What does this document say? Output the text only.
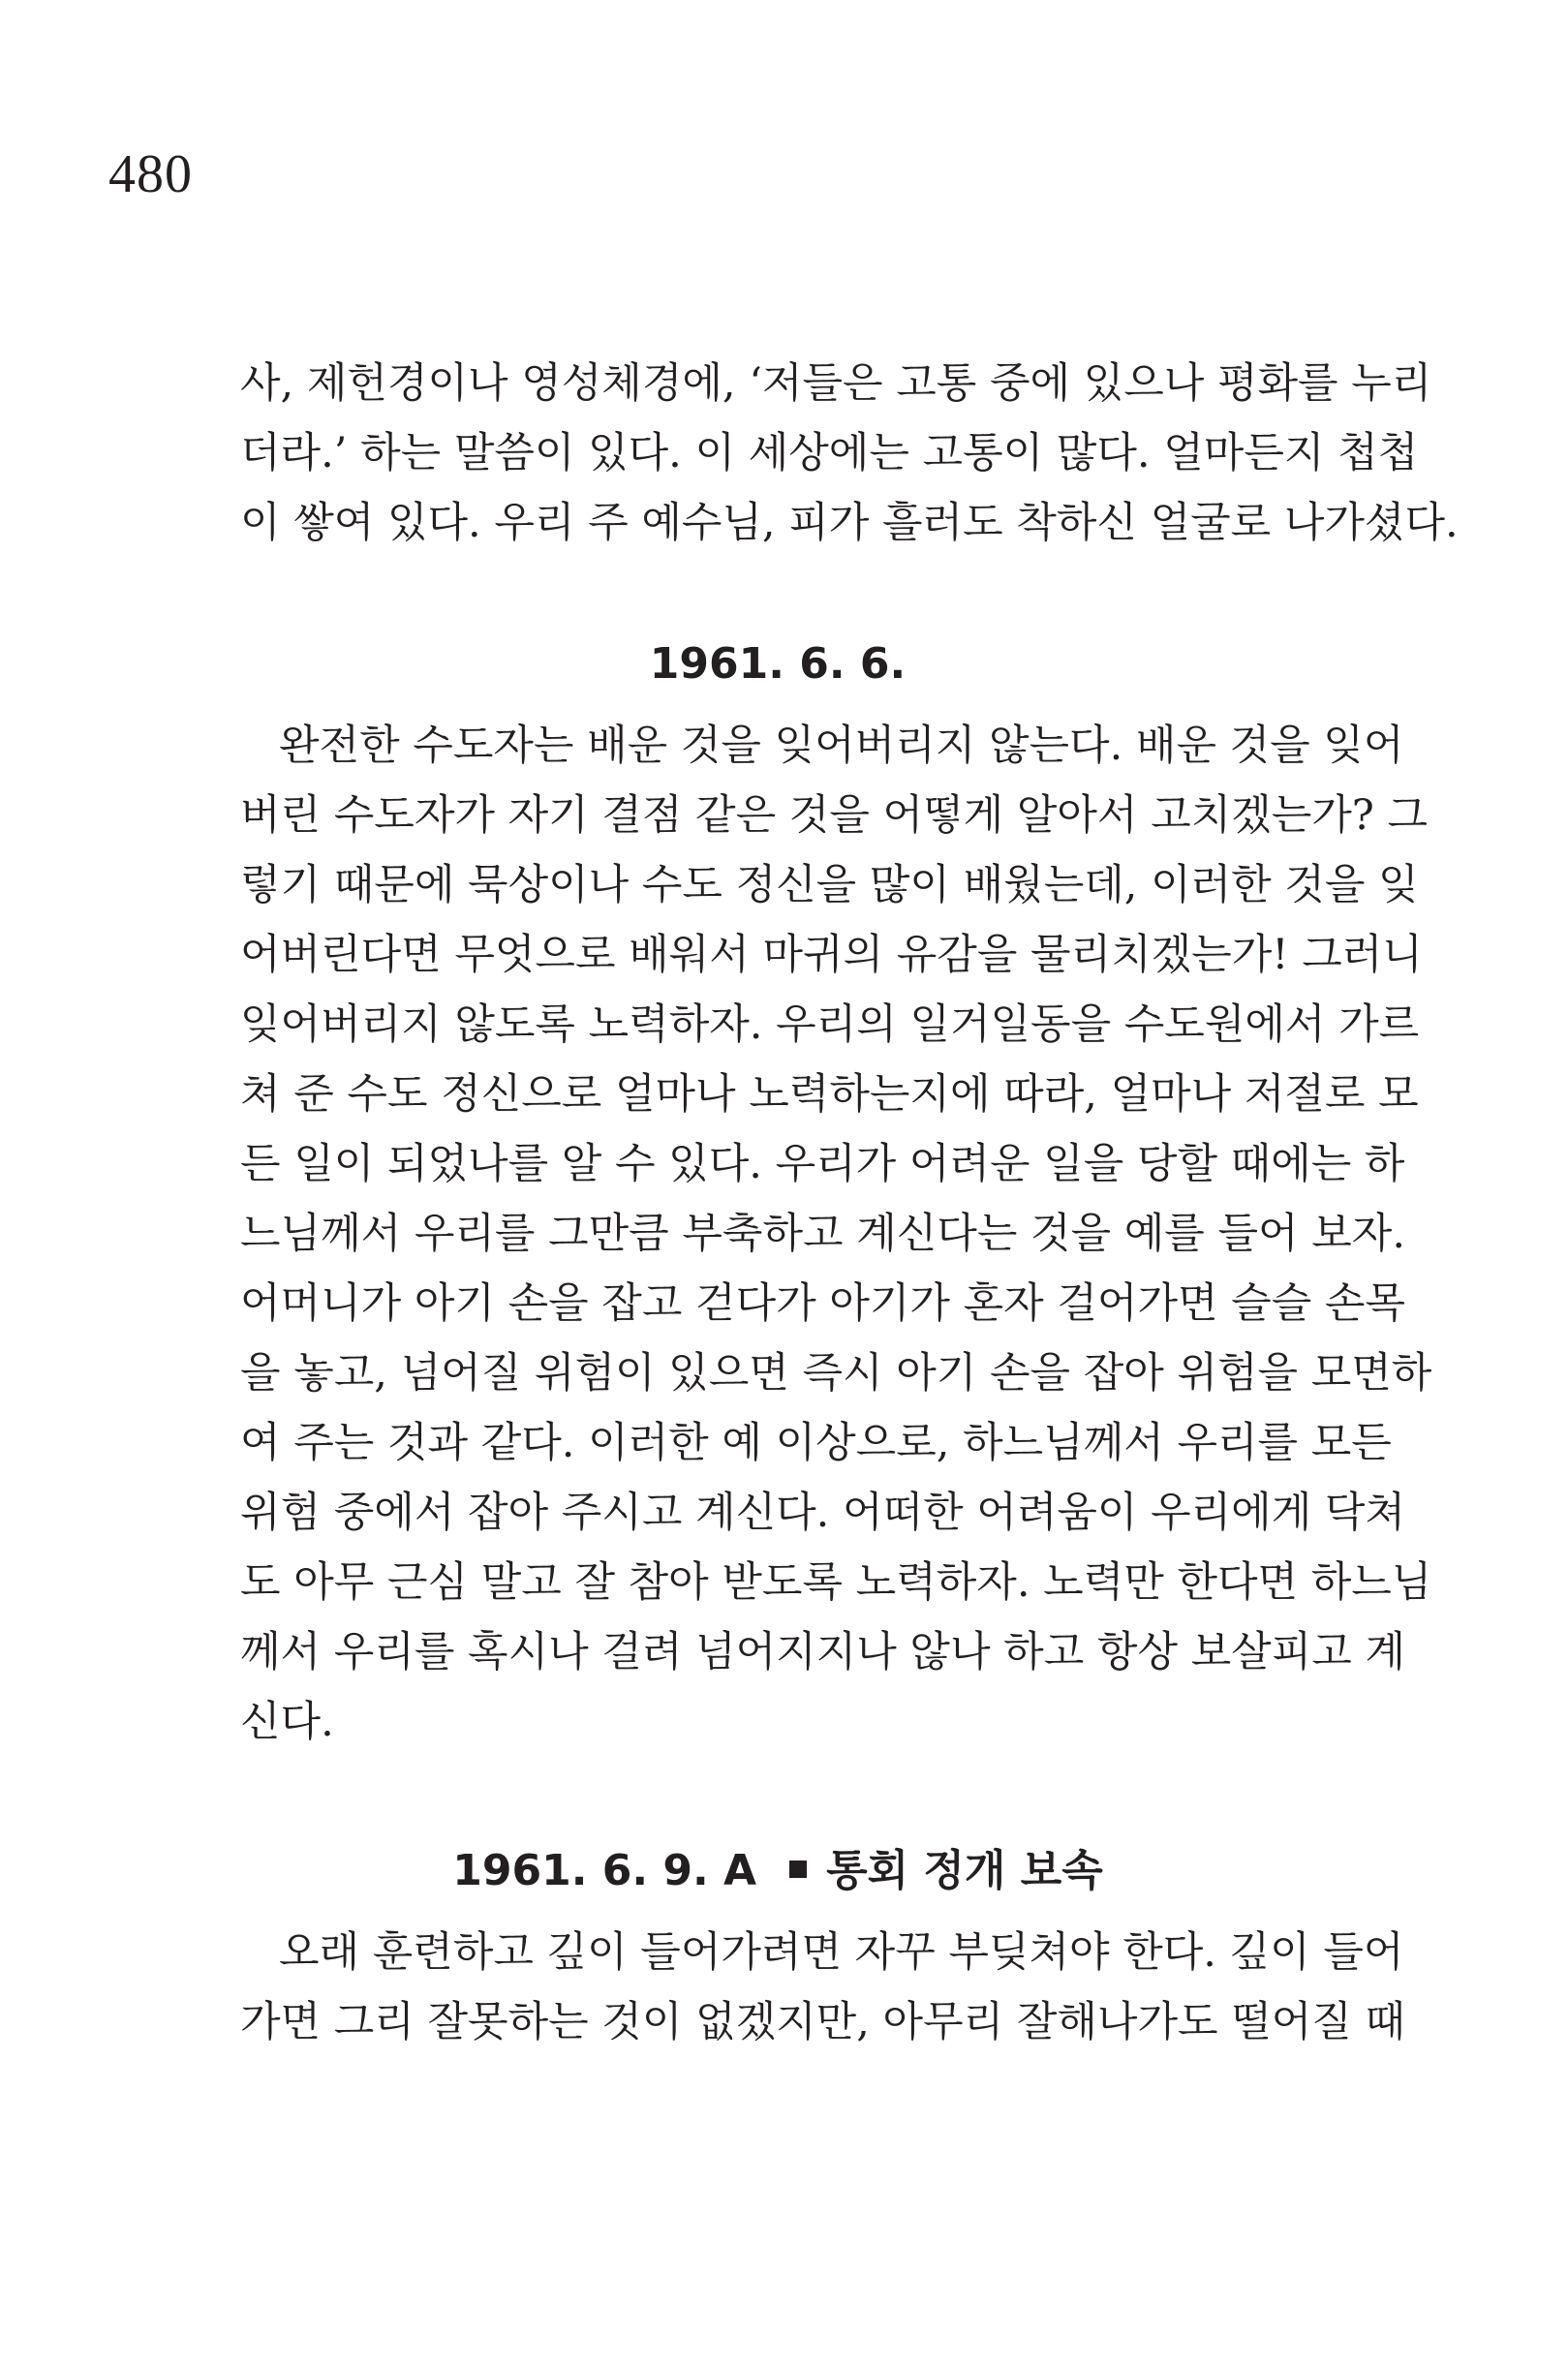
480
사, 제헌경이나 영성체경에, ‘저들은 고통 중에 있으나 평화를 누리
더라.’ 하는 말씀이 있다. 이 세상에는 고통이 많다. 얼마든지 첩첩
이 쌓여 있다. 우리 주 예수님, 피가 흘러도 착하신 얼굴로 나가셨다.
1961. 6. 6.
완전한 수도자는 배운 것을 잊어버리지 않는다. 배운 것을 잊어
버린 수도자가 자기 결점 같은 것을 어떻게 알아서 고치겠는가? 그
렇기 때문에 묵상이나 수도 정신을 많이 배웠는데, 이러한 것을 잊
어버린다면 무엇으로 배워서 마귀의 유감을 물리치겠는가! 그러니
잊어버리지 않도록 노력하자. 우리의 일거일동을 수도원에서 가르
쳐 준 수도 정신으로 얼마나 노력하는지에 따라, 얼마나 저절로 모
든 일이 되었나를 알 수 있다. 우리가 어려운 일을 당할 때에는 하
느님께서 우리를 그만큼 부축하고 계신다는 것을 예를 들어 보자.
어머니가 아기 손을 잡고 걷다가 아기가 혼자 걸어가면 슬슬 손목
을 놓고, 넘어질 위험이 있으면 즉시 아기 손을 잡아 위험을 모면하
여 주는 것과 같다. 이러한 예 이상으로, 하느님께서 우리를 모든
위험 중에서 잡아 주시고 계신다. 어떠한 어려움이 우리에게 닥쳐
도 아무 근심 말고 잘 참아 받도록 노력하자. 노력만 한다면 하느님
께서 우리를 혹시나 걸려 넘어지지나 않나 하고 항상 보살피고 계
신다.
1961. 6. 9. A 통회 정개 보속
오래 훈련하고 깊이 들어가려면 자꾸 부딪쳐야 한다. 깊이 들어
가면 그리 잘못하는 것이 없겠지만, 아무리 잘해나가도 떨어질 때
